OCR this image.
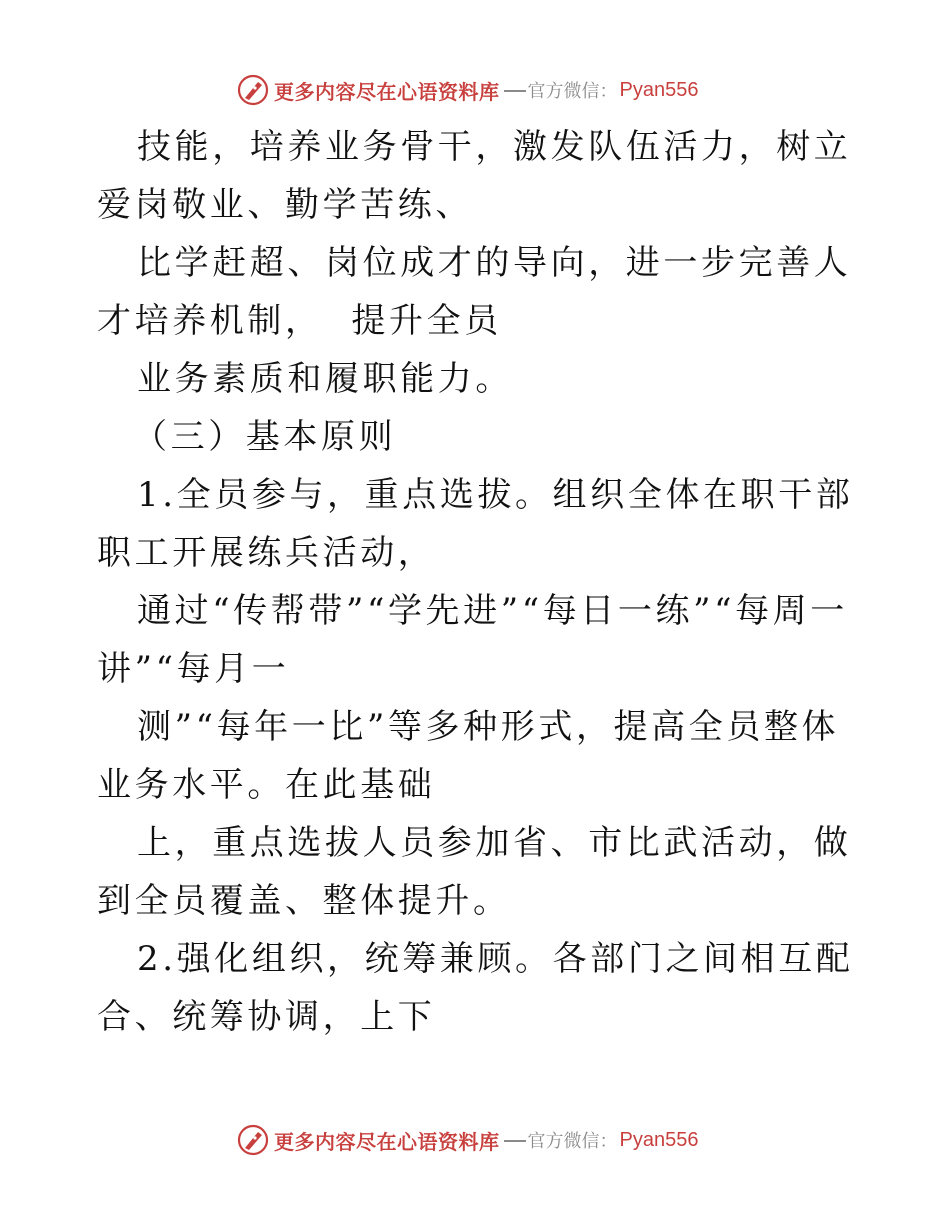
更多内容尽在心语资料库 官方微信： Pyan556

技能，培养业务骨干，激发队伍活力，树立爱岗敬业、勤学苦练、

比学赶超、岗位成才的导向，进一步完善人才培养机制，  提升全员

业务素质和履职能力。

（三）基本原则

1.全员参与，重点选拔。组织全体在职干部职工开展练兵活动，

通过“传帮带”“学先进”“每日一练”“每周一讲”“每月一

测”“每年一比”等多种形式，提高全员整体业务水平。在此基础

上，重点选拔人员参加省、市比武活动，做到全员覆盖、整体提升。

2.强化组织，统筹兼顾。各部门之间相互配合、统筹协调，上下

更多内容尽在心语资料库 官方微信： Pyan556
